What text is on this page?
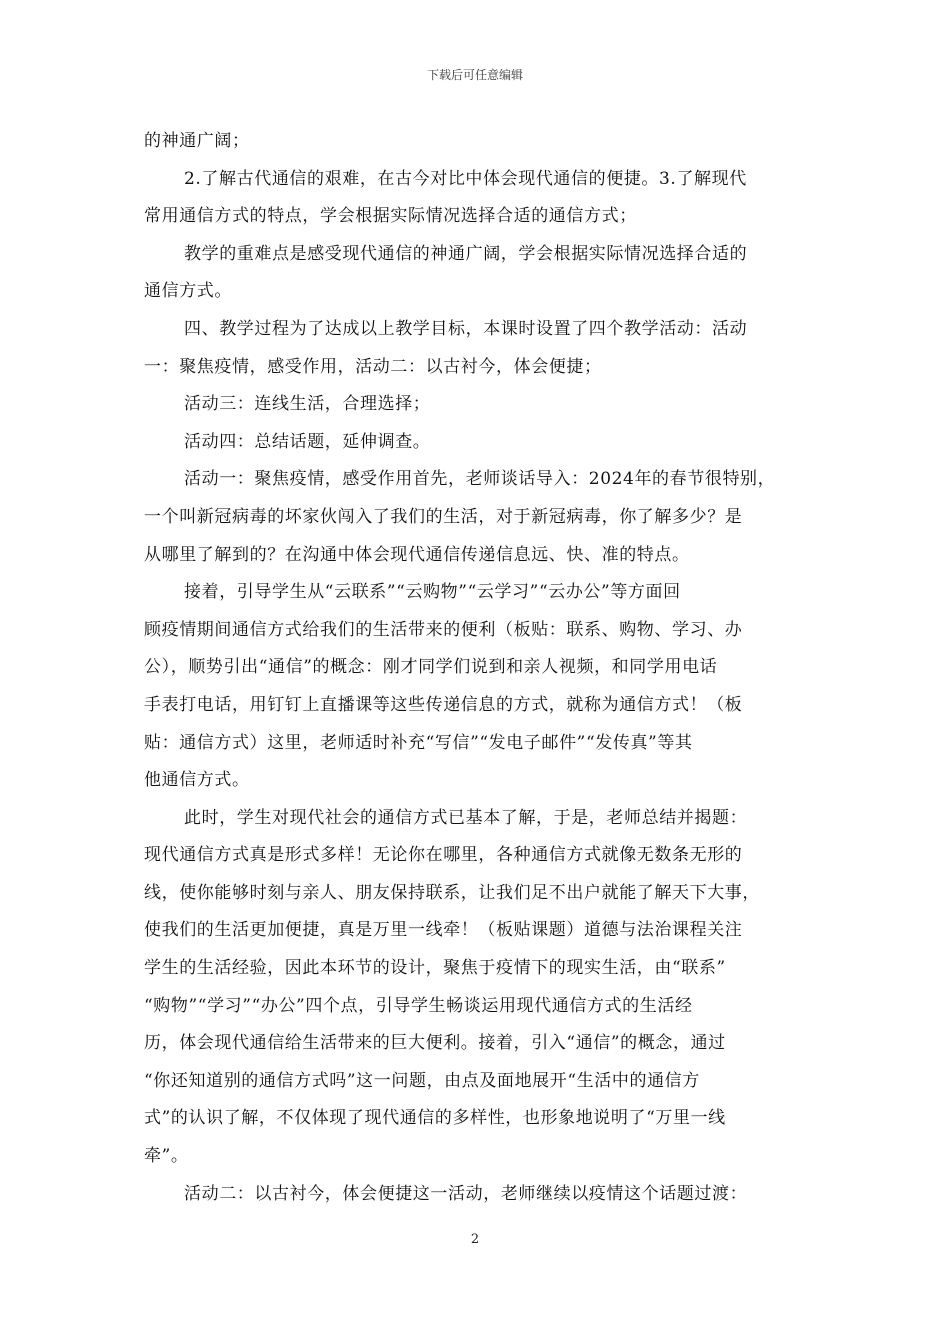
下载后可任意编辑
的神通广阔；
2.了解古代通信的艰难，在古今对比中体会现代通信的便捷。3.了解现代
常用通信方式的特点，学会根据实际情况选择合适的通信方式；
教学的重难点是感受现代通信的神通广阔，学会根据实际情况选择合适的
通信方式。
四、教学过程为了达成以上教学目标，本课时设置了四个教学活动：活动
一：聚焦疫情，感受作用，活动二：以古衬今，体会便捷；
活动三：连线生活，合理选择；
活动四：总结话题，延伸调查。
活动一：聚焦疫情，感受作用首先，老师谈话导入：2024年的春节很特别，
一个叫新冠病毒的坏家伙闯入了我们的生活，对于新冠病毒，你了解多少？是
从哪里了解到的？在沟通中体会现代通信传递信息远、快、准的特点。
接着，引导学生从“云联系”“云购物”“云学习”“云办公”等方面回
顾疫情期间通信方式给我们的生活带来的便利（板贴：联系、购物、学习、办
公），顺势引出“通信”的概念：刚才同学们说到和亲人视频，和同学用电话
手表打电话，用钉钉上直播课等这些传递信息的方式，就称为通信方式！（板
贴：通信方式）这里，老师适时补充“写信”“发电子邮件”“发传真”等其
他通信方式。
此时，学生对现代社会的通信方式已基本了解，于是，老师总结并揭题：
现代通信方式真是形式多样！无论你在哪里，各种通信方式就像无数条无形的
线，使你能够时刻与亲人、朋友保持联系，让我们足不出户就能了解天下大事，
使我们的生活更加便捷，真是万里一线牵！（板贴课题）道德与法治课程关注
学生的生活经验，因此本环节的设计，聚焦于疫情下的现实生活，由“联系”
“购物”“学习”“办公”四个点，引导学生畅谈运用现代通信方式的生活经
历，体会现代通信给生活带来的巨大便利。接着，引入“通信”的概念，通过
“你还知道别的通信方式吗”这一问题，由点及面地展开“生活中的通信方
式”的认识了解，不仅体现了现代通信的多样性，也形象地说明了“万里一线
牵”。
活动二：以古衬今，体会便捷这一活动，老师继续以疫情这个话题过渡：
2
